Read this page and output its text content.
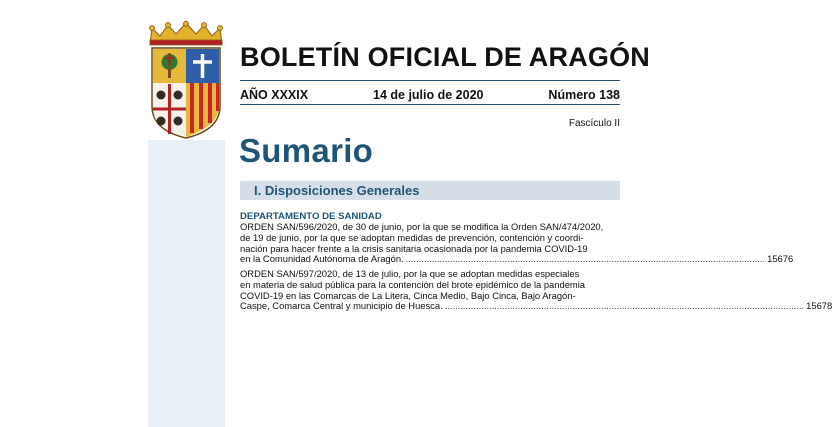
BOLETÍN OFICIAL DE ARAGÓN
AÑO XXXIX	14 de julio de 2020	Número 138
Fascículo II
Sumario
I. Disposiciones Generales
DEPARTAMENTO DE SANIDAD
ORDEN SAN/596/2020, de 30 de junio, por la que se modifica la Orden SAN/474/2020,
de 19 de junio, por la que se adoptan medidas de prevención, contención y coordi-
nación para hacer frente a la crisis sanitaria ocasionada por la pandemia COVID-19
en la Comunidad Autónoma de Aragón. .......................................................................................................................................... 15676
ORDEN SAN/597/2020, de 13 de julio, por la que se adoptan medidas especiales
en materia de salud pública para la contención del brote epidémico de la pandemia
COVID-19 en las Comarcas de La Litera, Cinca Medio, Bajo Cinca, Bajo Aragón-
Caspe, Comarca Central y municipio de Huesca. .......................................................................................................................................... 15678
